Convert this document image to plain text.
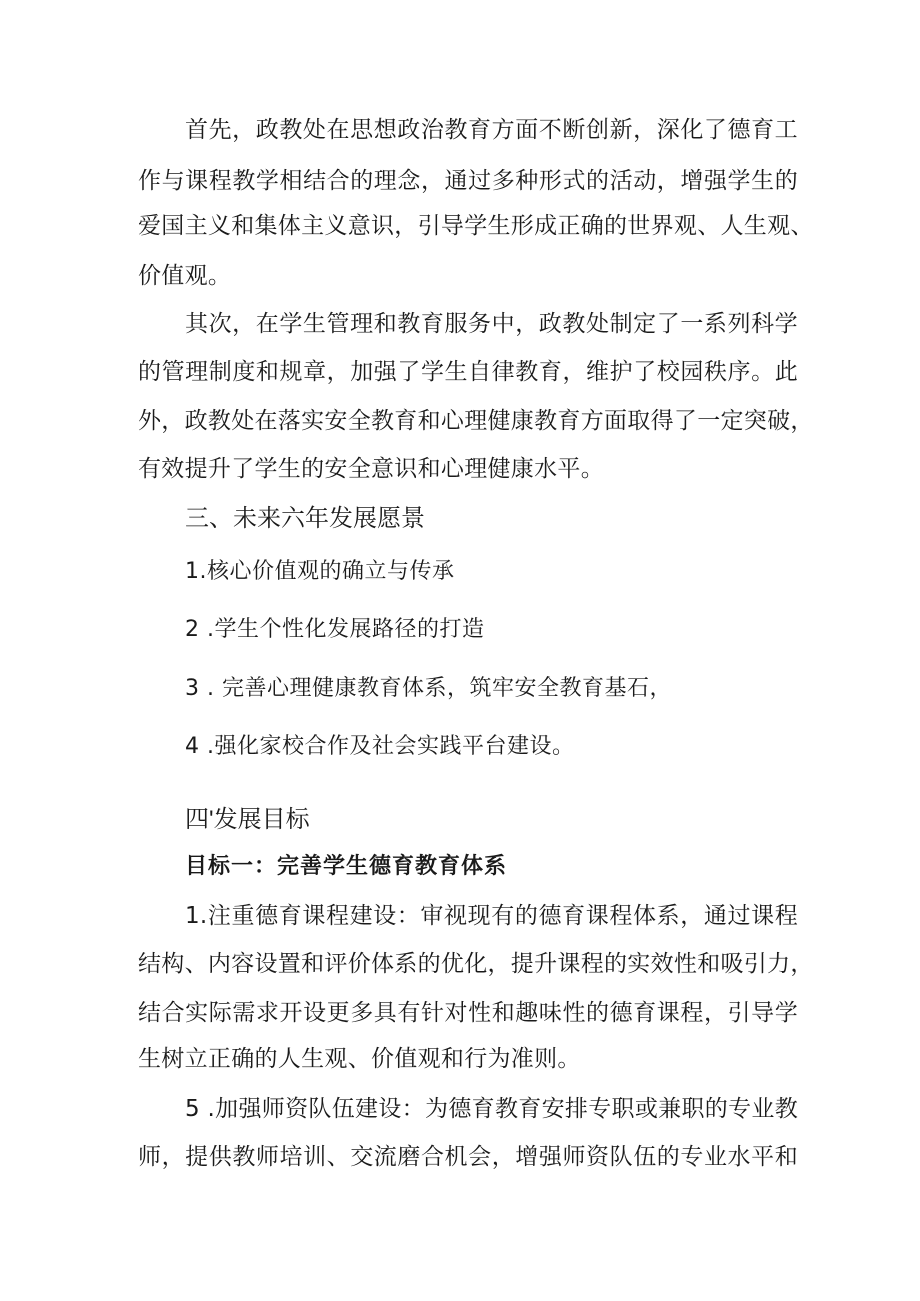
首先，政教处在思想政治教育方面不断创新，深化了德育工
作与课程教学相结合的理念，通过多种形式的活动，增强学生的
爱国主义和集体主义意识，引导学生形成正确的世界观、人生观、
价值观。
其次，在学生管理和教育服务中，政教处制定了一系列科学
的管理制度和规章，加强了学生自律教育，维护了校园秩序。此
外，政教处在落实安全教育和心理健康教育方面取得了一定突破，
有效提升了学生的安全意识和心理健康水平。
三、未来六年发展愿景
1.核心价值观的确立与传承
2 .学生个性化发展路径的打造
3 . 完善心理健康教育体系，筑牢安全教育基石，
4 .强化家校合作及社会实践平台建设。
四'发展目标
目标一：完善学生德育教育体系
1.注重德育课程建设：审视现有的德育课程体系，通过课程
结构、内容设置和评价体系的优化，提升课程的实效性和吸引力，
结合实际需求开设更多具有针对性和趣味性的德育课程，引导学
生树立正确的人生观、价值观和行为准则。
5 .加强师资队伍建设：为德育教育安排专职或兼职的专业教
师，提供教师培训、交流磨合机会，增强师资队伍的专业水平和
